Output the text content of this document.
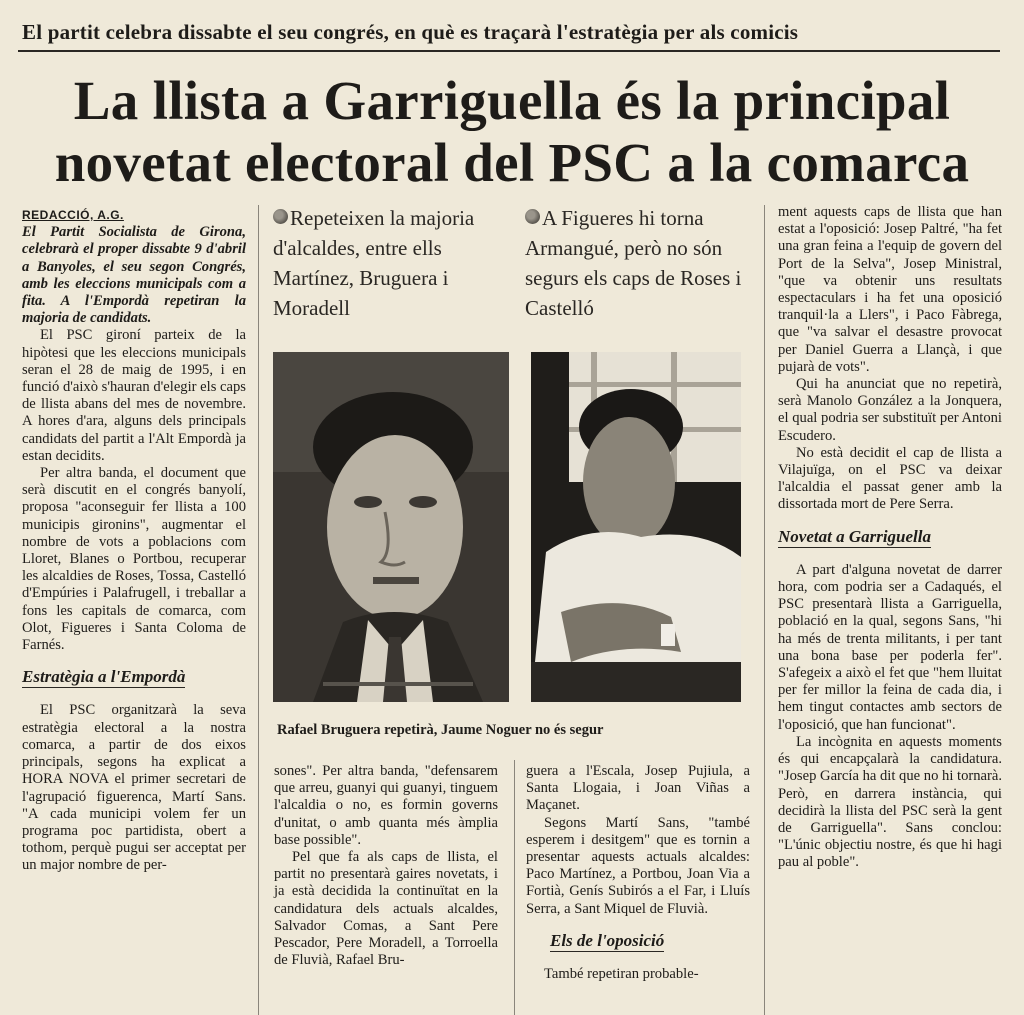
El partit celebra dissabte el seu congrés, en què es traçarà l'estratègia per als comicis
La llista a Garriguella és la principal
novetat electoral del PSC a la comarca
REDACCIÓ, A.G.

El Partit Socialista de Girona, celebrarà el proper dissabte 9 d'abril a Banyoles, el seu segon Congrés, amb les eleccions municipals com a fita. A l'Empordà repetiran la majoria de candidats.

El PSC gironí parteix de la hipòtesi que les eleccions municipals seran el 28 de maig de 1995, i en funció d'això s'hauran d'elegir els caps de llista abans del mes de novembre. A hores d'ara, alguns dels principals candidats del partit a l'Alt Empordà ja estan decidits.

Per altra banda, el document que serà discutit en el congrés banyolí, proposa "aconseguir fer llista a 100 municipis gironins", augmentar el nombre de vots a poblacions com Lloret, Blanes o Portbou, recuperar les alcaldies de Roses, Tossa, Castelló d'Empúries i Palafrugell, i treballar a fons les capitals de comarca, com Olot, Figueres i Santa Coloma de Farnés.

Estratègia a l'Empordà

El PSC organitzarà la seva estratègia electoral a la nostra comarca, a partir de dos eixos principals, segons ha explicat a HORA NOVA el primer secretari de l'agrupació figuerenca, Martí Sans. "A cada municipi volem fer un programa poc partidista, obert a tothom, perquè pugui ser acceptat per un major nombre de per-

Repeteixen la majoria d'alcaldes, entre ells Martínez, Bruguera i Moradell
A Figueres hi torna Armangué, però no són segurs els caps de Roses i Castelló
Rafael Bruguera repetirà, Jaume Noguer no és segur

sones". Per altra banda, "defensarem que arreu, guanyi qui guanyi, tinguem l'alcaldia o no, es formin governs d'unitat, o amb quanta més àmplia base possible".

Pel que fa als caps de llista, el partit no presentarà gaires novetats, i ja està decidida la continuïtat en la candidatura dels actuals alcaldes, Salvador Comas, a Sant Pere Pescador, Pere Moradell, a Torroella de Fluvià, Rafael Bru-

guera a l'Escala, Josep Pujiula, a Santa Llogaia, i Joan Viñas a Maçanet.

Segons Martí Sans, "també esperem i desitgem" que es tornin a presentar aquests actuals alcaldes: Paco Martínez, a Portbou, Joan Via a Fortià, Genís Subirós a el Far, i Lluís Serra, a Sant Miquel de Fluvià.

Els de l'oposició

També repetiran probable-

ment aquests caps de llista que han estat a l'oposició: Josep Paltré, "ha fet una gran feina a l'equip de govern del Port de la Selva", Josep Ministral, "que va obtenir uns resultats espectaculars i ha fet una oposició tranquil·la a Llers", i Paco Fàbrega, que "va salvar el desastre provocat per Daniel Guerra a Llançà, i que pujarà de vots".

Qui ha anunciat que no repetirà, serà Manolo González a la Jonquera, el qual podria ser substituït per Antoni Escudero.

No està decidit el cap de llista a Vilajuïga, on el PSC va deixar l'alcaldia el passat gener amb la dissortada mort de Pere Serra.

Novetat a Garriguella

A part d'alguna novetat de darrer hora, com podria ser a Cadaqués, el PSC presentarà llista a Garriguella, població en la qual, segons Sans, "hi ha més de trenta militants, i per tant una bona base per poderla fer". S'afegeix a això el fet que "hem lluitat per fer millor la feina de cada dia, i hem tingut contactes amb sectors de l'oposició, que han funcionat".

La incògnita en aquests moments és qui encapçalarà la candidatura. "Josep García ha dit que no hi tornarà. Però, en darrera instància, qui decidirà la llista del PSC serà la gent de Garriguella". Sans conclou: "L'únic objectiu nostre, és que hi hagi pau al poble".
